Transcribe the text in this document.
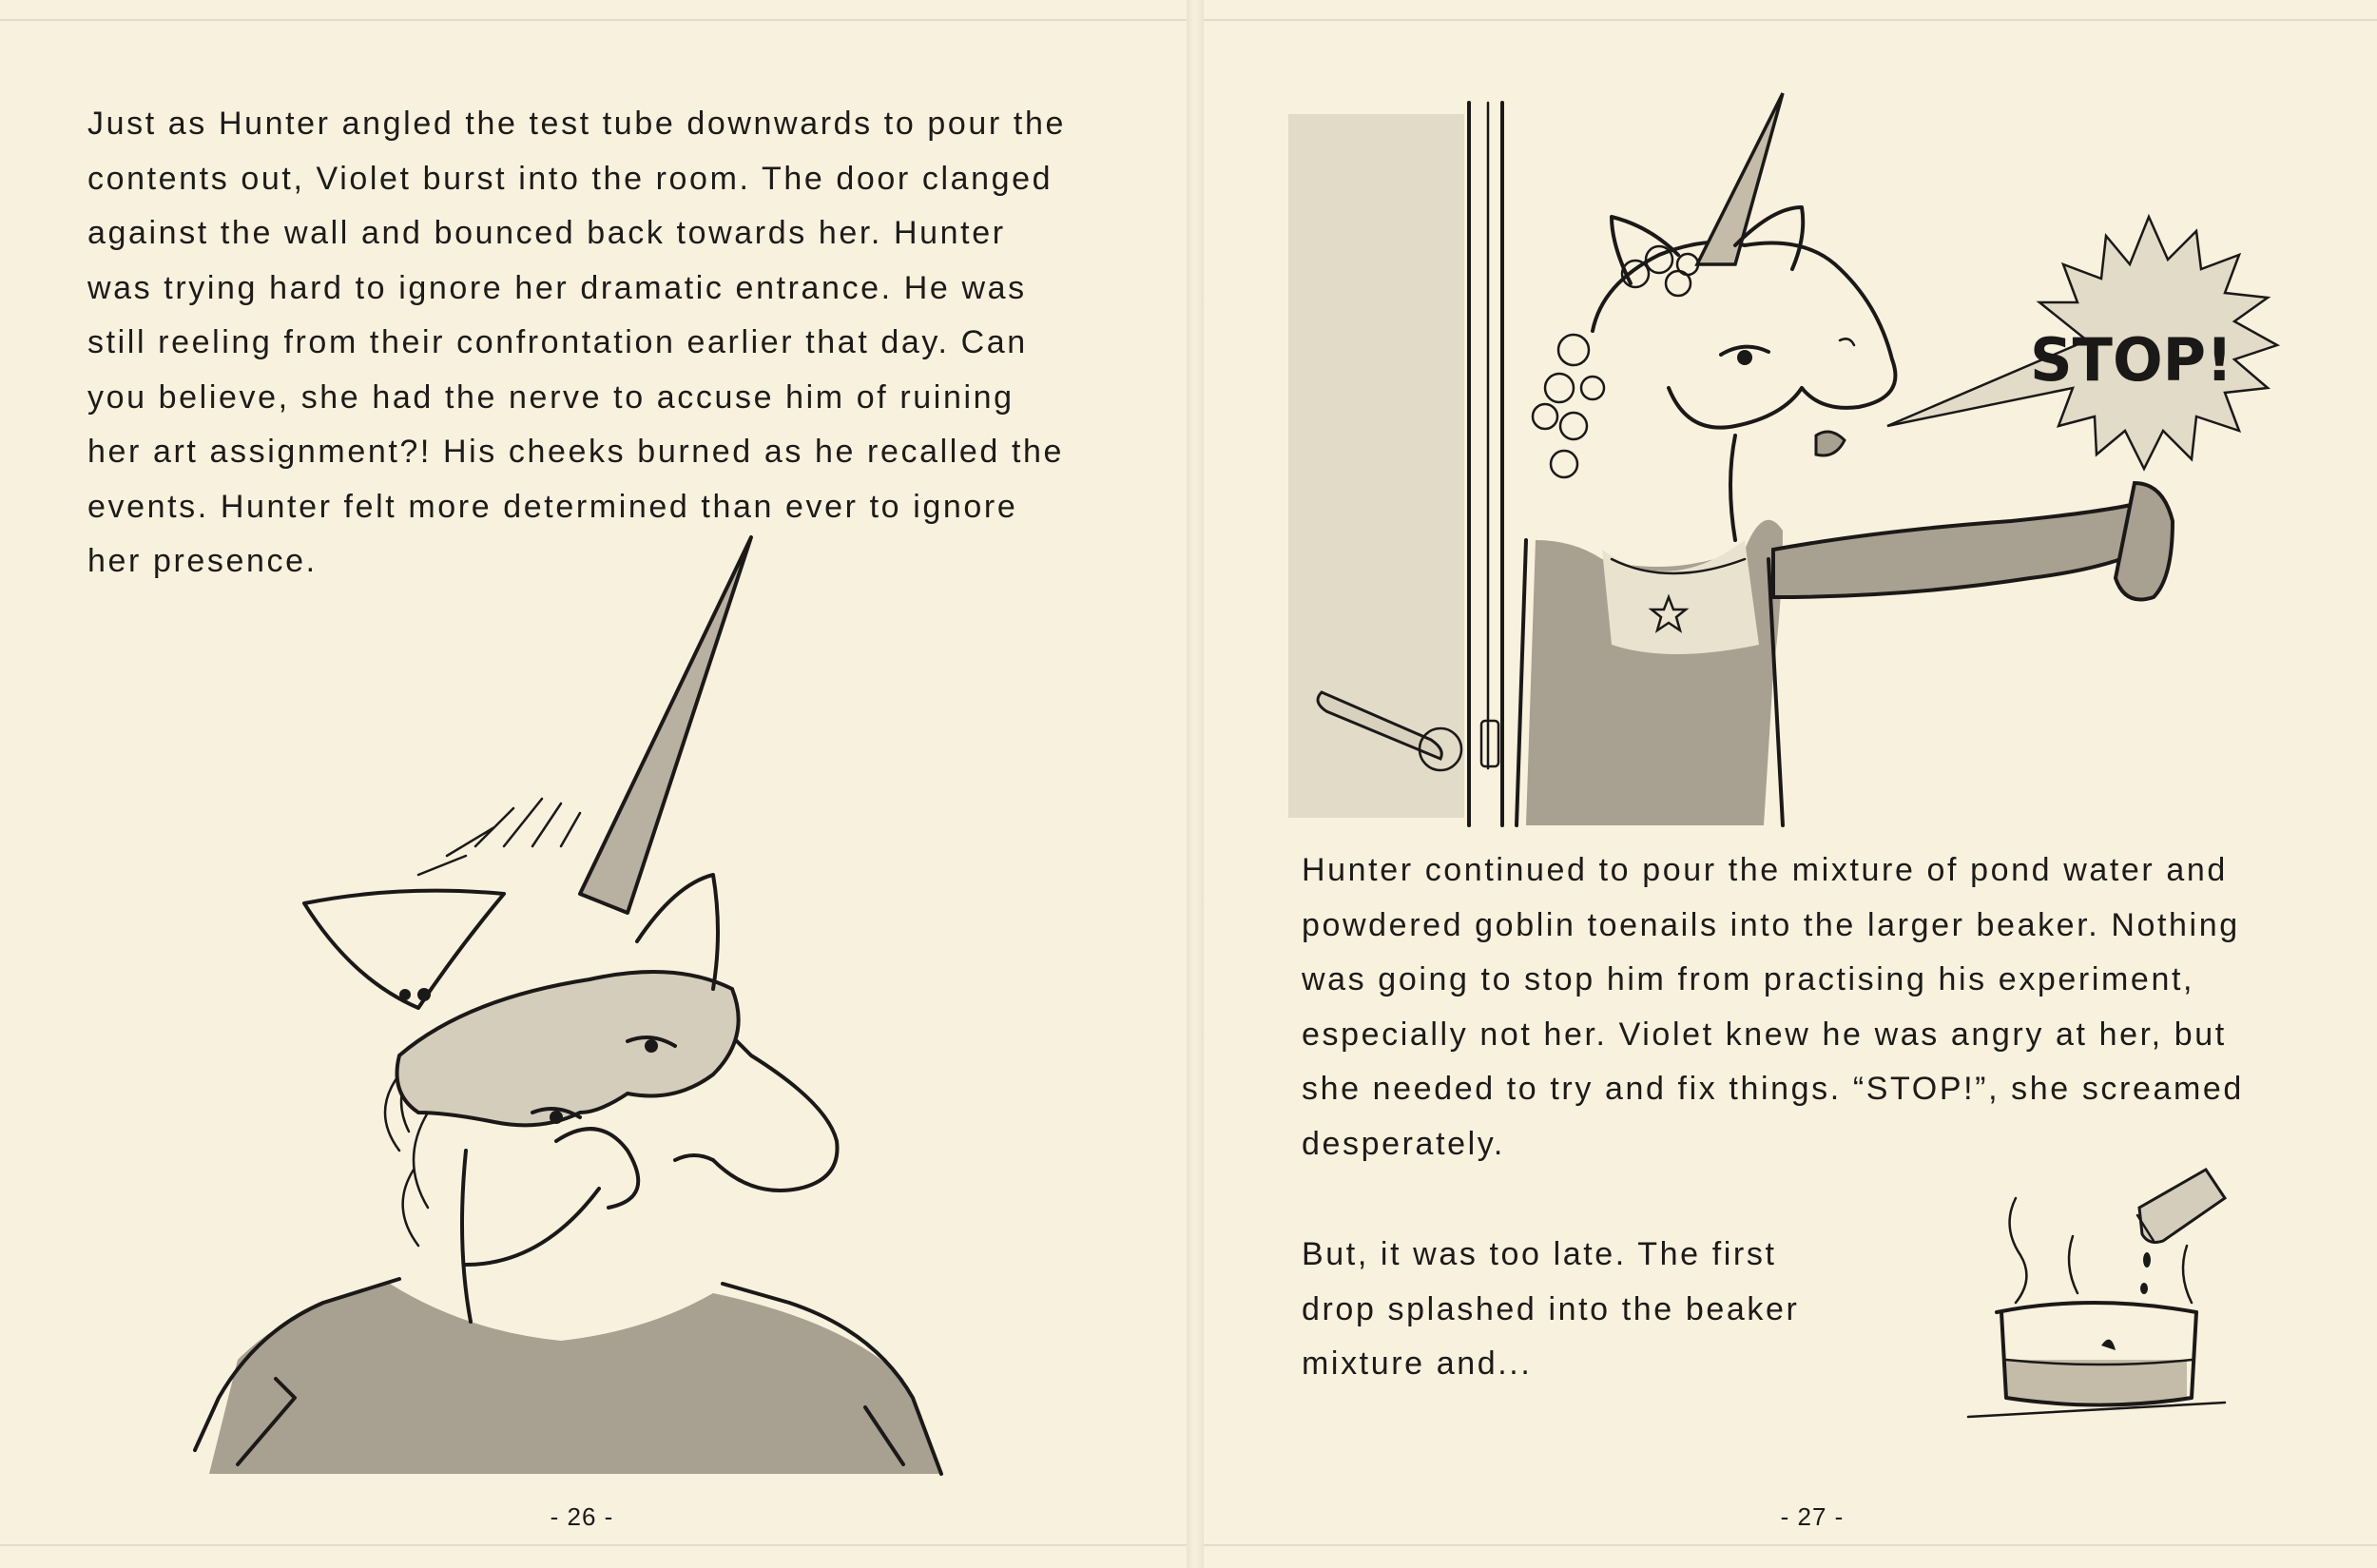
Just as Hunter angled the test tube downwards to pour the
contents out, Violet burst into the room. The door clanged
against the wall and bounced back towards her. Hunter
was trying hard to ignore her dramatic entrance. He was
still reeling from their confrontation earlier that day. Can
you believe, she had the nerve to accuse him of ruining
her art assignment?! His cheeks burned as he recalled the
events. Hunter felt more determined than ever to ignore
her presence.

- 26 -
STOP!

Hunter continued to pour the mixture of pond water and
powdered goblin toenails into the larger beaker. Nothing
was going to stop him from practising his experiment,
especially not her. Violet knew he was angry at her, but
she needed to try and fix things. “STOP!”, she screamed
desperately.

But, it was too late. The first
drop splashed into the beaker
mixture and...

- 27 -
